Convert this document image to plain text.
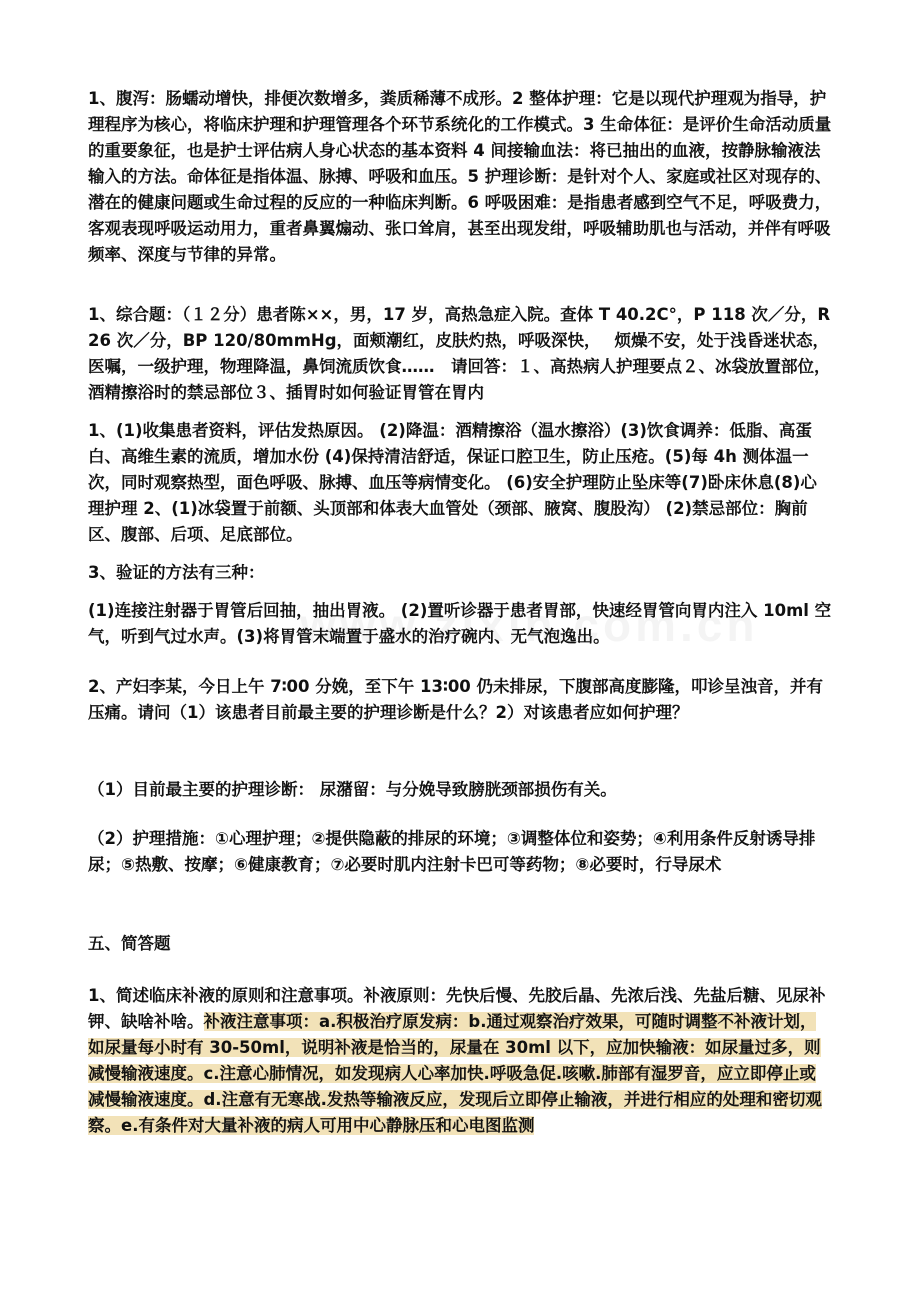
1、腹泻：肠蠕动增快，排便次数增多，粪质稀薄不成形。2 整体护理：它是以现代护理观为指导，护理程序为核心，将临床护理和护理管理各个环节系统化的工作模式。3 生命体征：是评价生命活动质量的重要象征，也是护士评估病人身心状态的基本资料 4 间接输血法：将已抽出的血液，按静脉输液法输入的方法。命体征是指体温、脉搏、呼吸和血压。5 护理诊断：是针对个人、家庭或社区对现存的、潜在的健康问题或生命过程的反应的一种临床判断。6 呼吸困难：是指患者感到空气不足，呼吸费力，客观表现呼吸运动用力，重者鼻翼煽动、张口耸肩，甚至出现发绀，呼吸辅助肌也与活动，并伴有呼吸频率、深度与节律的异常。

1、综合题：（１２分）患者陈××，男，17 岁，高热急症入院。查体 T 40.2C°，P 118 次／分，R 26 次／分，BP 120/80mmHg，面颊潮红，皮肤灼热，呼吸深快，　 烦燥不安，处于浅昏迷状态，医嘱，一级护理，物理降温，鼻饲流质饮食……　请回答：１、高热病人护理要点２、冰袋放置部位，酒精擦浴时的禁忌部位３、插胃时如何验证胃管在胃内

1、(1)收集患者资料，评估发热原因。 (2)降温：酒精擦浴（温水擦浴）(3)饮食调养：低脂、高蛋白、高维生素的流质，增加水份 (4)保持清洁舒适，保证口腔卫生，防止压疮。(5)每 4h 测体温一次，同时观察热型，面色呼吸、脉搏、血压等病情变化。 (6)安全护理防止坠床等(7)卧床休息(8)心理护理 2、(1)冰袋置于前额、头顶部和体表大血管处（颈部、腋窝、腹股沟） (2)禁忌部位：胸前区、腹部、后项、足底部位。

3、验证的方法有三种：

(1)连接注射器于胃管后回抽，抽出胃液。 (2)置听诊器于患者胃部，快速经胃管向胃内注入 10ml 空气，听到气过水声。(3)将胃管末端置于盛水的治疗碗内、无气泡逸出。

2、产妇李某，今日上午 7∶00 分娩，至下午 13∶00 仍未排尿，下腹部高度膨隆，叩诊呈浊音，并有压痛。请问（1）该患者目前最主要的护理诊断是什么？2）对该患者应如何护理？

（1）目前最主要的护理诊断： 尿潴留：与分娩导致膀胱颈部损伤有关。

（2）护理措施：①心理护理；②提供隐蔽的排尿的环境；③调整体位和姿势；④利用条件反射诱导排尿；⑤热敷、按摩；⑥健康教育；⑦必要时肌内注射卡巴可等药物；⑧必要时，行导尿术

五、简答题

1、简述临床补液的原则和注意事项。补液原则：先快后慢、先胶后晶、先浓后浅、先盐后糖、见尿补钾、缺啥补啥。补液注意事项：a.积极治疗原发病：b.通过观察治疗效果，可随时调整不补液计划，如尿量每小时有 30-50ml，说明补液是恰当的，尿量在 30ml 以下，应加快输液：如尿量过多，则减慢输液速度。c.注意心肺情况，如发现病人心率加快.呼吸急促.咳嗽.肺部有湿罗音，应立即停止或减慢输液速度。d.注意有无寒战.发热等输液反应，发现后立即停止输液，并进行相应的处理和密切观察。e.有条件对大量补液的病人可用中心静脉压和心电图监测
